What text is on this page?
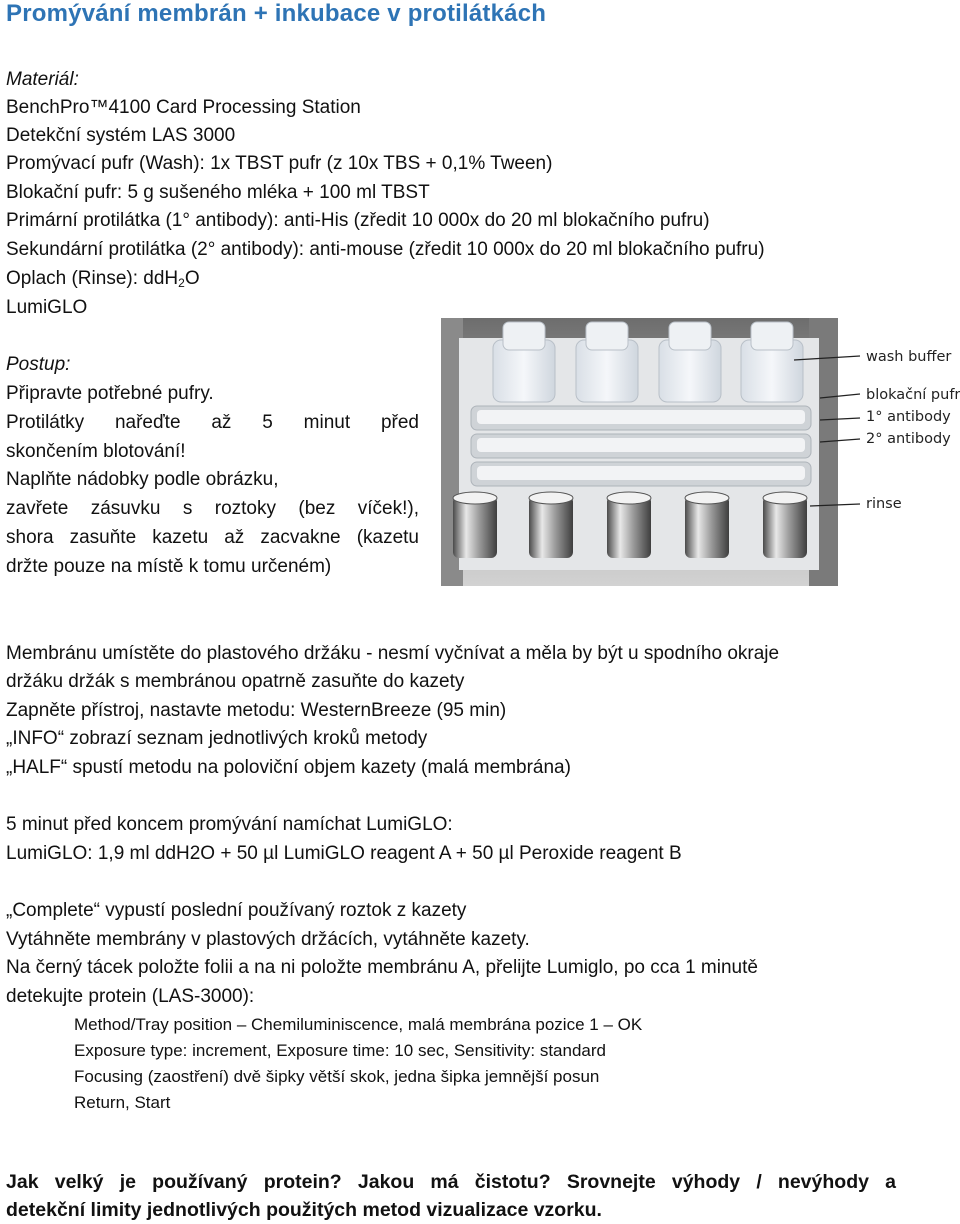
Promývání membrán + inkubace v protilátkách
Materiál:
BenchPro™4100 Card Processing Station
Detekční systém LAS 3000
Promývací pufr (Wash): 1x TBST pufr (z 10x TBS + 0,1% Tween)
Blokační pufr: 5 g sušeného mléka + 100 ml TBST
Primární protilátka (1° antibody): anti-His (zředit 10 000x do 20 ml blokačního pufru)
Sekundární protilátka (2° antibody): anti-mouse (zředit 10 000x do 20 ml blokačního pufru)
Oplach (Rinse): ddH$_2$O
LumiGLO
Postup:
Připravte potřebné pufry.
Protilátky nařeďte až 5 minut před
skončením blotování!
Naplňte nádobky podle obrázku,
zavřete zásuvku s roztoky (bez víček!),
shora zasuňte kazetu až zacvakne (kazetu
držte pouze na místě k tomu určeném)
wash buffer
blokační pufr
1° antibody
2° antibody
rinse
Membránu umístěte do plastového držáku - nesmí vyčnívat a měla by být u spodního okraje
držáku držák s membránou opatrně zasuňte do kazety
Zapněte přístroj, nastavte metodu: WesternBreeze (95 min)
„INFO“ zobrazí seznam jednotlivých kroků metody
„HALF“ spustí metodu na poloviční objem kazety (malá membrána)
5 minut před koncem promývání namíchat LumiGLO:
LumiGLO: 1,9 ml ddH2O + 50 µl LumiGLO reagent A + 50 µl Peroxide reagent B
„Complete“ vypustí poslední používaný roztok z kazety
Vytáhněte membrány v plastových držácích, vytáhněte kazety.
Na černý tácek položte folii a na ni položte membránu A, přelijte Lumiglo, po cca 1 minutě
detekujte protein (LAS-3000):
Method/Tray position – Chemiluminiscence, malá membrána pozice 1 – OK
Exposure type: increment, Exposure time: 10 sec, Sensitivity: standard
Focusing (zaostření) dvě šipky větší skok, jedna šipka jemnější posun
Return, Start
Jak velký je používaný protein? Jakou má čistotu? Srovnejte výhody / nevýhody a
detekční limity jednotlivých použitých metod vizualizace vzorku.
